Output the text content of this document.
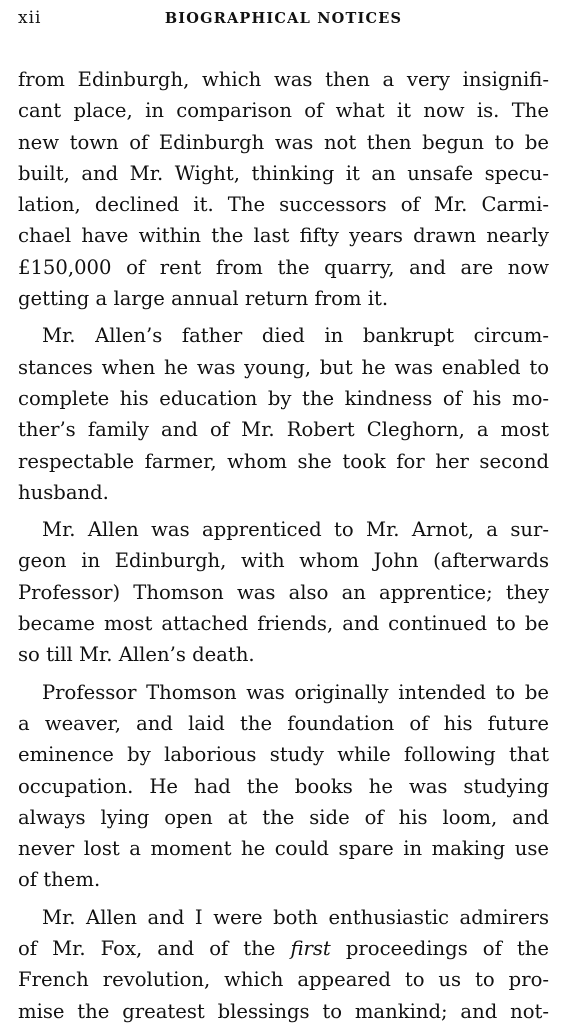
xii	BIOGRAPHICAL NOTICES
from Edinburgh, which was then a very insignifi-
cant place, in comparison of what it now is. The
new town of Edinburgh was not then begun to be
built, and Mr. Wight, thinking it an unsafe specu-
lation, declined it. The successors of Mr. Carmi-
chael have within the last fifty years drawn nearly
£150,000 of rent from the quarry, and are now
getting a large annual return from it.
Mr. Allen’s father died in bankrupt circum-
stances when he was young, but he was enabled to
complete his education by the kindness of his mo-
ther’s family and of Mr. Robert Cleghorn, a most
respectable farmer, whom she took for her second
husband.
Mr. Allen was apprenticed to Mr. Arnot, a sur-
geon in Edinburgh, with whom John (afterwards
Professor) Thomson was also an apprentice; they
became most attached friends, and continued to be
so till Mr. Allen’s death.
Professor Thomson was originally intended to be
a weaver, and laid the foundation of his future
eminence by laborious study while following that
occupation. He had the books he was studying
always lying open at the side of his loom, and
never lost a moment he could spare in making use
of them.
Mr. Allen and I were both enthusiastic admirers
of Mr. Fox, and of the first proceedings of the
French revolution, which appeared to us to pro-
mise the greatest blessings to mankind; and not-
